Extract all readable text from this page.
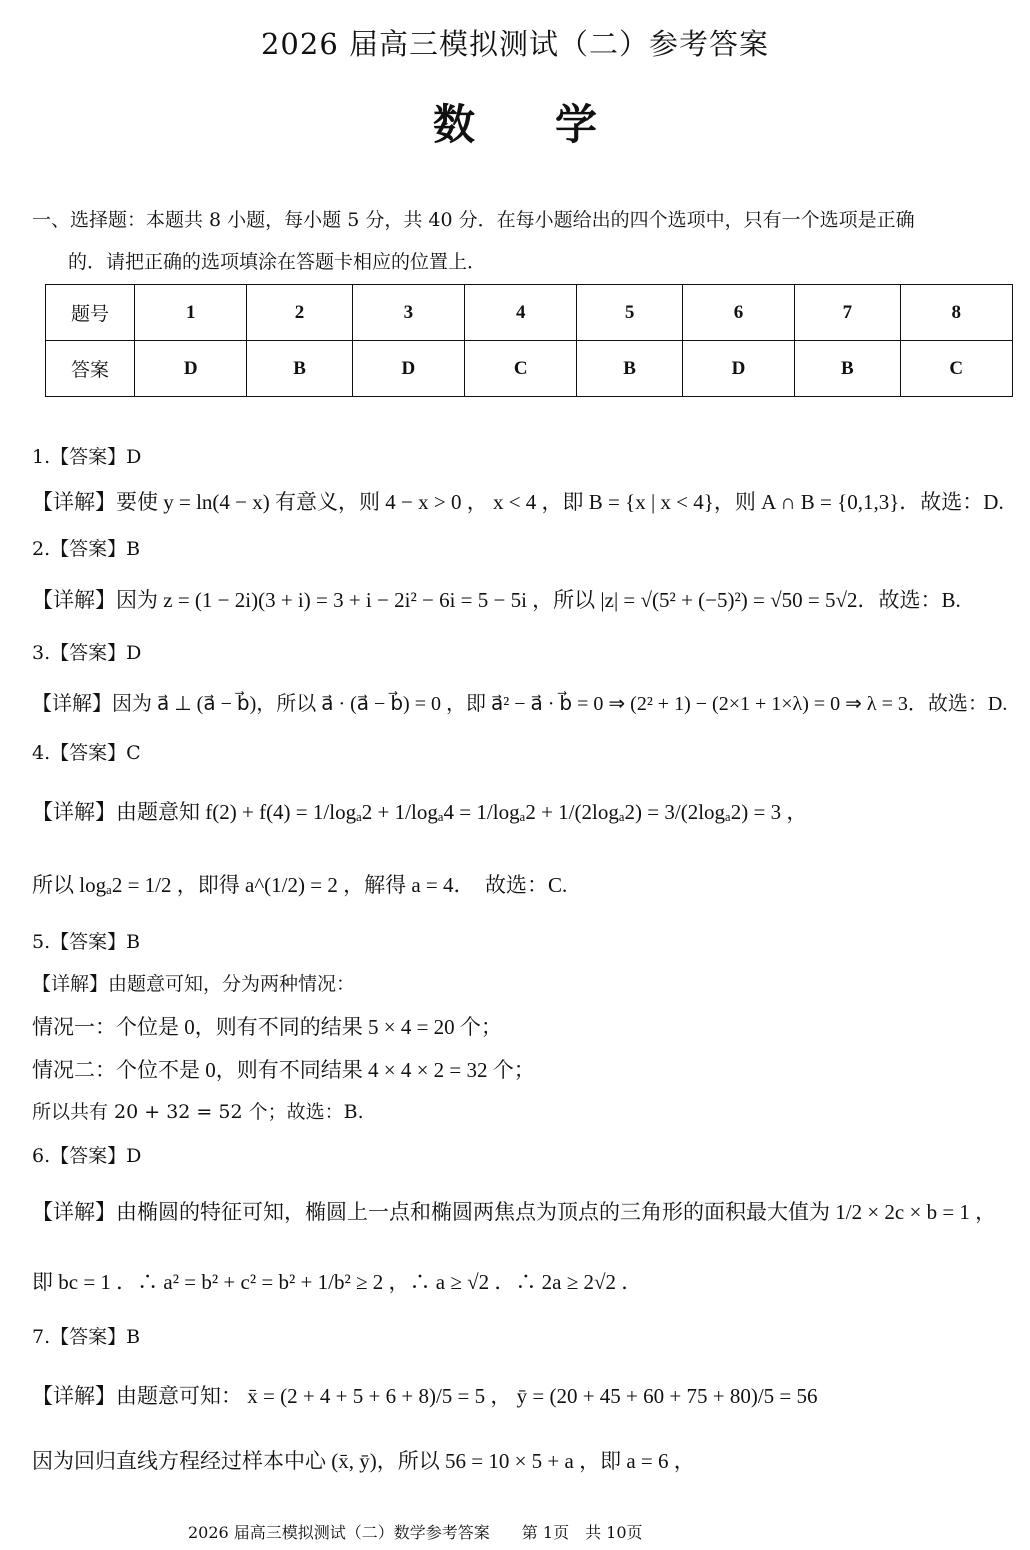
2026 届高三模拟测试（二）参考答案
数 学
一、选择题：本题共 8 小题，每小题 5 分，共 40 分．在每小题给出的四个选项中，只有一个选项是正确
的．请把正确的选项填涂在答题卡相应的位置上．
题号	1	2	3	4	5	6	7	8
答案	D	B	D	C	B	D	B	C
1.【答案】D
【详解】要使 y = ln(4 − x) 有意义，则 4 − x > 0 ， x < 4 ，即 B = {x | x < 4}，则 A ∩ B = {0,1,3}．故选：D.
2.【答案】B
【详解】因为 z = (1 − 2i)(3 + i) = 3 + i − 2i² − 6i = 5 − 5i ，所以 |z| = √(5² + (−5)²) = √50 = 5√2．故选：B.
3.【答案】D
【详解】因为 a⃗ ⊥ (a⃗ − b⃗)，所以 a⃗ · (a⃗ − b⃗) = 0 ，即 a⃗² − a⃗ · b⃗ = 0 ⇒ (2² + 1) − (2×1 + 1×λ) = 0 ⇒ λ = 3．故选：D.
4.【答案】C
【详解】由题意知 f(2) + f(4) = 1/logₐ2 + 1/logₐ4 = 1/logₐ2 + 1/(2logₐ2) = 3/(2logₐ2) = 3 ，
所以 logₐ2 = 1/2 ，即得 a^(1/2) = 2 ，解得 a = 4．　故选：C.
5.【答案】B
【详解】由题意可知，分为两种情况：
情况一：个位是 0，则有不同的结果 5 × 4 = 20 个；
情况二：个位不是 0，则有不同结果 4 × 4 × 2 = 32 个；
所以共有 20 + 32 = 52 个；故选：B.
6.【答案】D
【详解】由椭圆的特征可知，椭圆上一点和椭圆两焦点为顶点的三角形的面积最大值为 1/2 × 2c × b = 1 ，
即 bc = 1 ．∴ a² = b² + c² = b² + 1/b² ≥ 2 ，∴ a ≥ √2 ．∴ 2a ≥ 2√2 ．
7.【答案】B
【详解】由题意可知： x̄ = (2 + 4 + 5 + 6 + 8)/5 = 5 ， ȳ = (20 + 45 + 60 + 75 + 80)/5 = 56
因为回归直线方程经过样本中心 (x̄, ȳ)，所以 56 = 10 × 5 + a ，即 a = 6 ，
2026 届高三模拟测试（二）数学参考答案　　第 1页　共 10页
